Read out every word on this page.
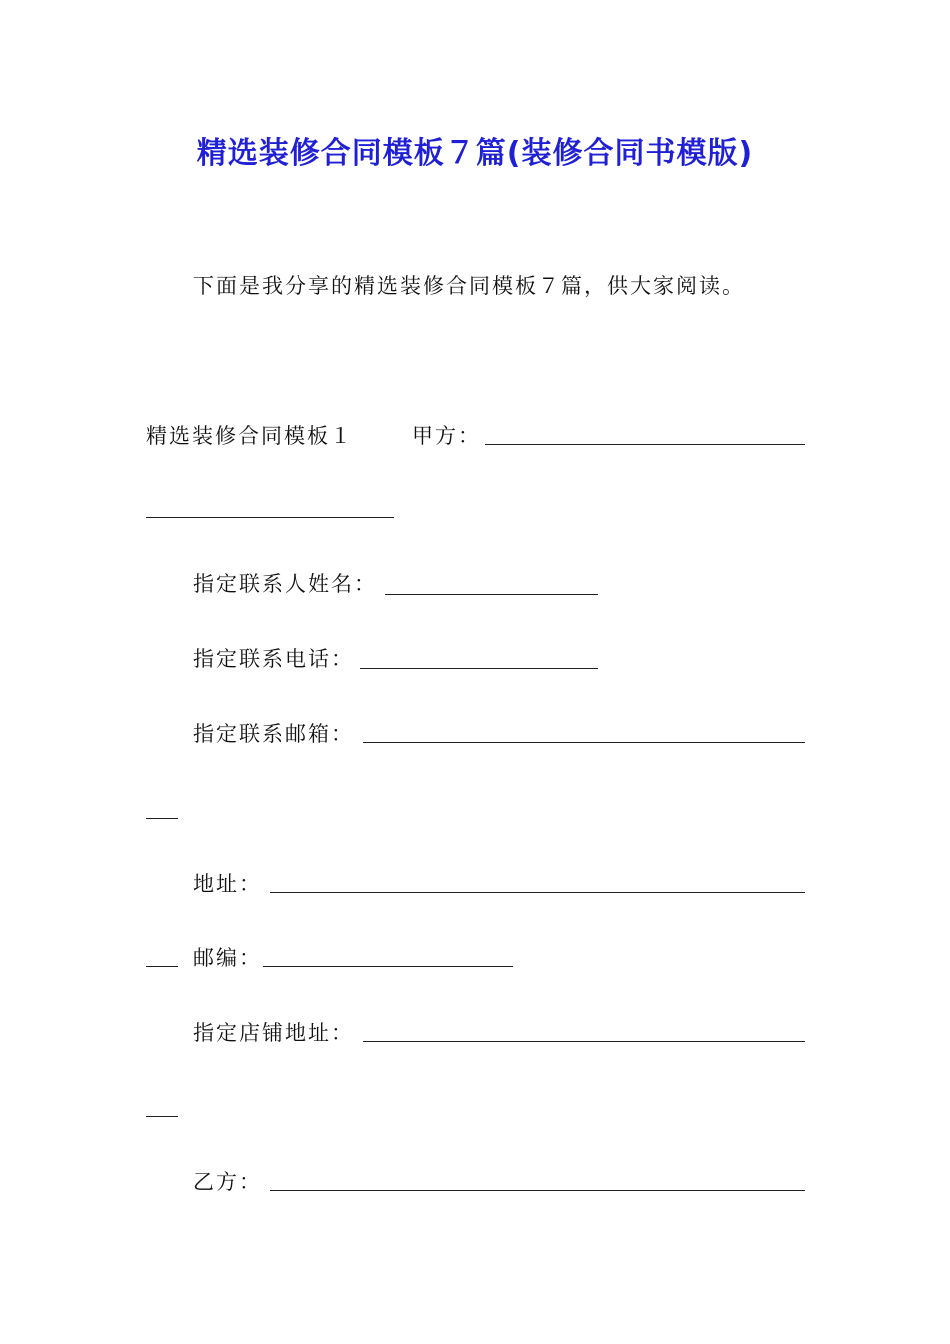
精选装修合同模板７篇(装修合同书模版)
下面是我分享的精选装修合同模板７篇，供大家阅读。
精选装修合同模板１	甲方：
指定联系人姓名：
指定联系电话：
指定联系邮箱：
地址：
邮编：
指定店铺地址：
乙方：
